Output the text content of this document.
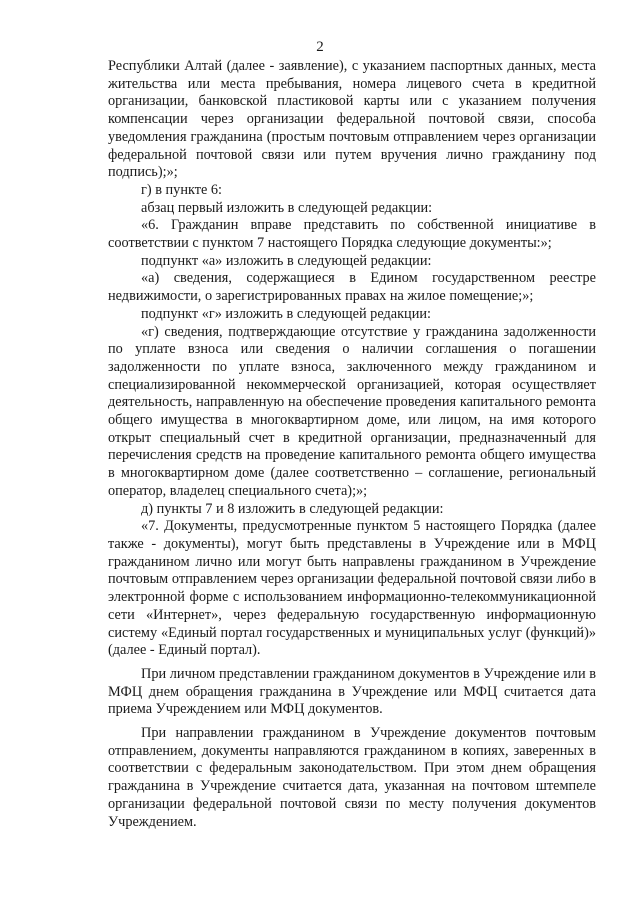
2

Республики Алтай (далее - заявление), с указанием паспортных данных, места жительства или места пребывания, номера лицевого счета в кредитной организации, банковской пластиковой карты или с указанием получения компенсации через организации федеральной почтовой связи, способа уведомления гражданина (простым почтовым отправлением через организации федеральной почтовой связи или путем вручения лично гражданину под подпись);»;

г) в пункте 6:

абзац первый изложить в следующей редакции:

«6. Гражданин вправе представить по собственной инициативе в соответствии с пунктом 7 настоящего Порядка следующие документы:»;

подпункт «а» изложить в следующей редакции:

«а) сведения, содержащиеся в Едином государственном реестре недвижимости, о зарегистрированных правах на жилое помещение;»;

подпункт «г» изложить в следующей редакции:

«г) сведения, подтверждающие отсутствие у гражданина задолженности по уплате взноса или сведения о наличии соглашения о погашении задолженности по уплате взноса, заключенного между гражданином и специализированной некоммерческой организацией, которая осуществляет деятельность, направленную на обеспечение проведения капитального ремонта общего имущества в многоквартирном доме, или лицом, на имя которого открыт специальный счет в кредитной организации, предназначенный для перечисления средств на проведение капитального ремонта общего имущества в многоквартирном доме (далее соответственно – соглашение, региональный оператор, владелец специального счета);»;

д) пункты 7 и 8 изложить в следующей редакции:

«7. Документы, предусмотренные пунктом 5 настоящего Порядка (далее также - документы), могут быть представлены в Учреждение или в МФЦ гражданином лично или могут быть направлены гражданином в Учреждение почтовым отправлением через организации федеральной почтовой связи либо в электронной форме с использованием информационно-телекоммуникационной сети «Интернет», через федеральную государственную информационную систему «Единый портал государственных и муниципальных услуг (функций)» (далее - Единый портал).

При личном представлении гражданином документов в Учреждение или в МФЦ днем обращения гражданина в Учреждение или МФЦ считается дата приема Учреждением или МФЦ документов.

При направлении гражданином в Учреждение документов почтовым отправлением, документы направляются гражданином в копиях, заверенных в соответствии с федеральным законодательством. При этом днем обращения гражданина в Учреждение считается дата, указанная на почтовом штемпеле организации федеральной почтовой связи по месту получения документов Учреждением.
